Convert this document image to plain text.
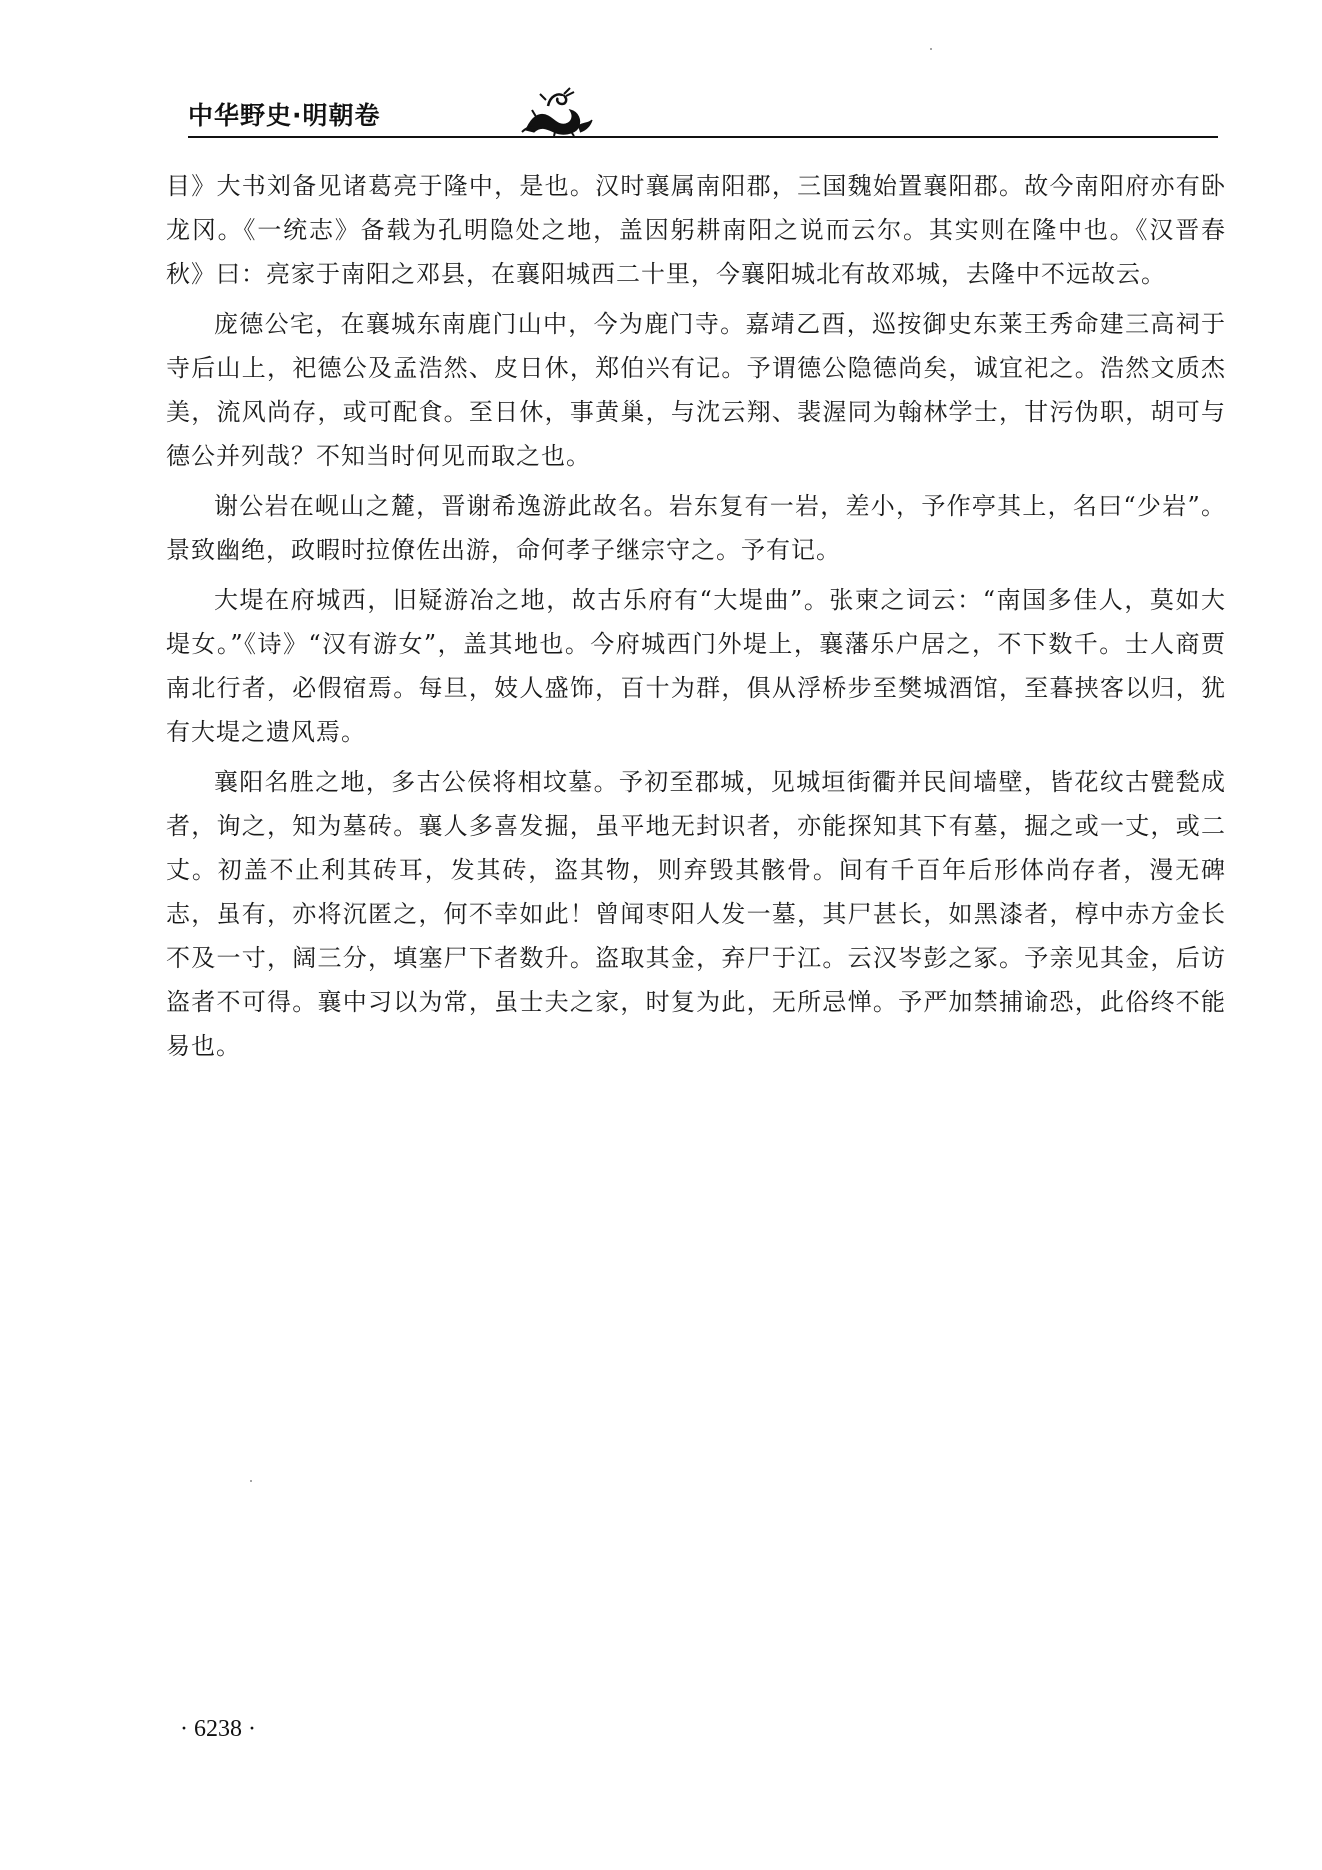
中华野史·明朝卷

目》大书刘备见诸葛亮于隆中，是也。汉时襄属南阳郡，三国魏始置襄阳郡。故今南阳府亦有卧龙冈。《一统志》备载为孔明隐处之地，盖因躬耕南阳之说而云尔。其实则在隆中也。《汉晋春秋》曰：亮家于南阳之邓县，在襄阳城西二十里，今襄阳城北有故邓城，去隆中不远故云。

庞德公宅，在襄城东南鹿门山中，今为鹿门寺。嘉靖乙酉，巡按御史东莱王秀命建三高祠于寺后山上，祀德公及孟浩然、皮日休，郑伯兴有记。予谓德公隐德尚矣，诚宜祀之。浩然文质杰美，流风尚存，或可配食。至日休，事黄巢，与沈云翔、裴渥同为翰林学士，甘污伪职，胡可与德公并列哉？不知当时何见而取之也。

谢公岩在岘山之麓，晋谢希逸游此故名。岩东复有一岩，差小，予作亭其上，名曰“少岩”。景致幽绝，政暇时拉僚佐出游，命何孝子继宗守之。予有记。

大堤在府城西，旧疑游冶之地，故古乐府有“大堤曲”。张柬之词云：“南国多佳人，莫如大堤女。”《诗》“汉有游女”，盖其地也。今府城西门外堤上，襄藩乐户居之，不下数千。士人商贾南北行者，必假宿焉。每旦，妓人盛饰，百十为群，俱从浮桥步至樊城酒馆，至暮挟客以归，犹有大堤之遗风焉。

襄阳名胜之地，多古公侯将相坟墓。予初至郡城，见城垣街衢并民间墙壁，皆花纹古甓甃成者，询之，知为墓砖。襄人多喜发掘，虽平地无封识者，亦能探知其下有墓，掘之或一丈，或二丈。初盖不止利其砖耳，发其砖，盗其物，则弃毁其骸骨。间有千百年后形体尚存者，漫无碑志，虽有，亦将沉匿之，何不幸如此！曾闻枣阳人发一墓，其尸甚长，如黑漆者，椁中赤方金长不及一寸，阔三分，填塞尸下者数升。盗取其金，弃尸于江。云汉岑彭之冢。予亲见其金，后访盗者不可得。襄中习以为常，虽士夫之家，时复为此，无所忌惮。予严加禁捕谕恐，此俗终不能易也。

· 6238 ·
